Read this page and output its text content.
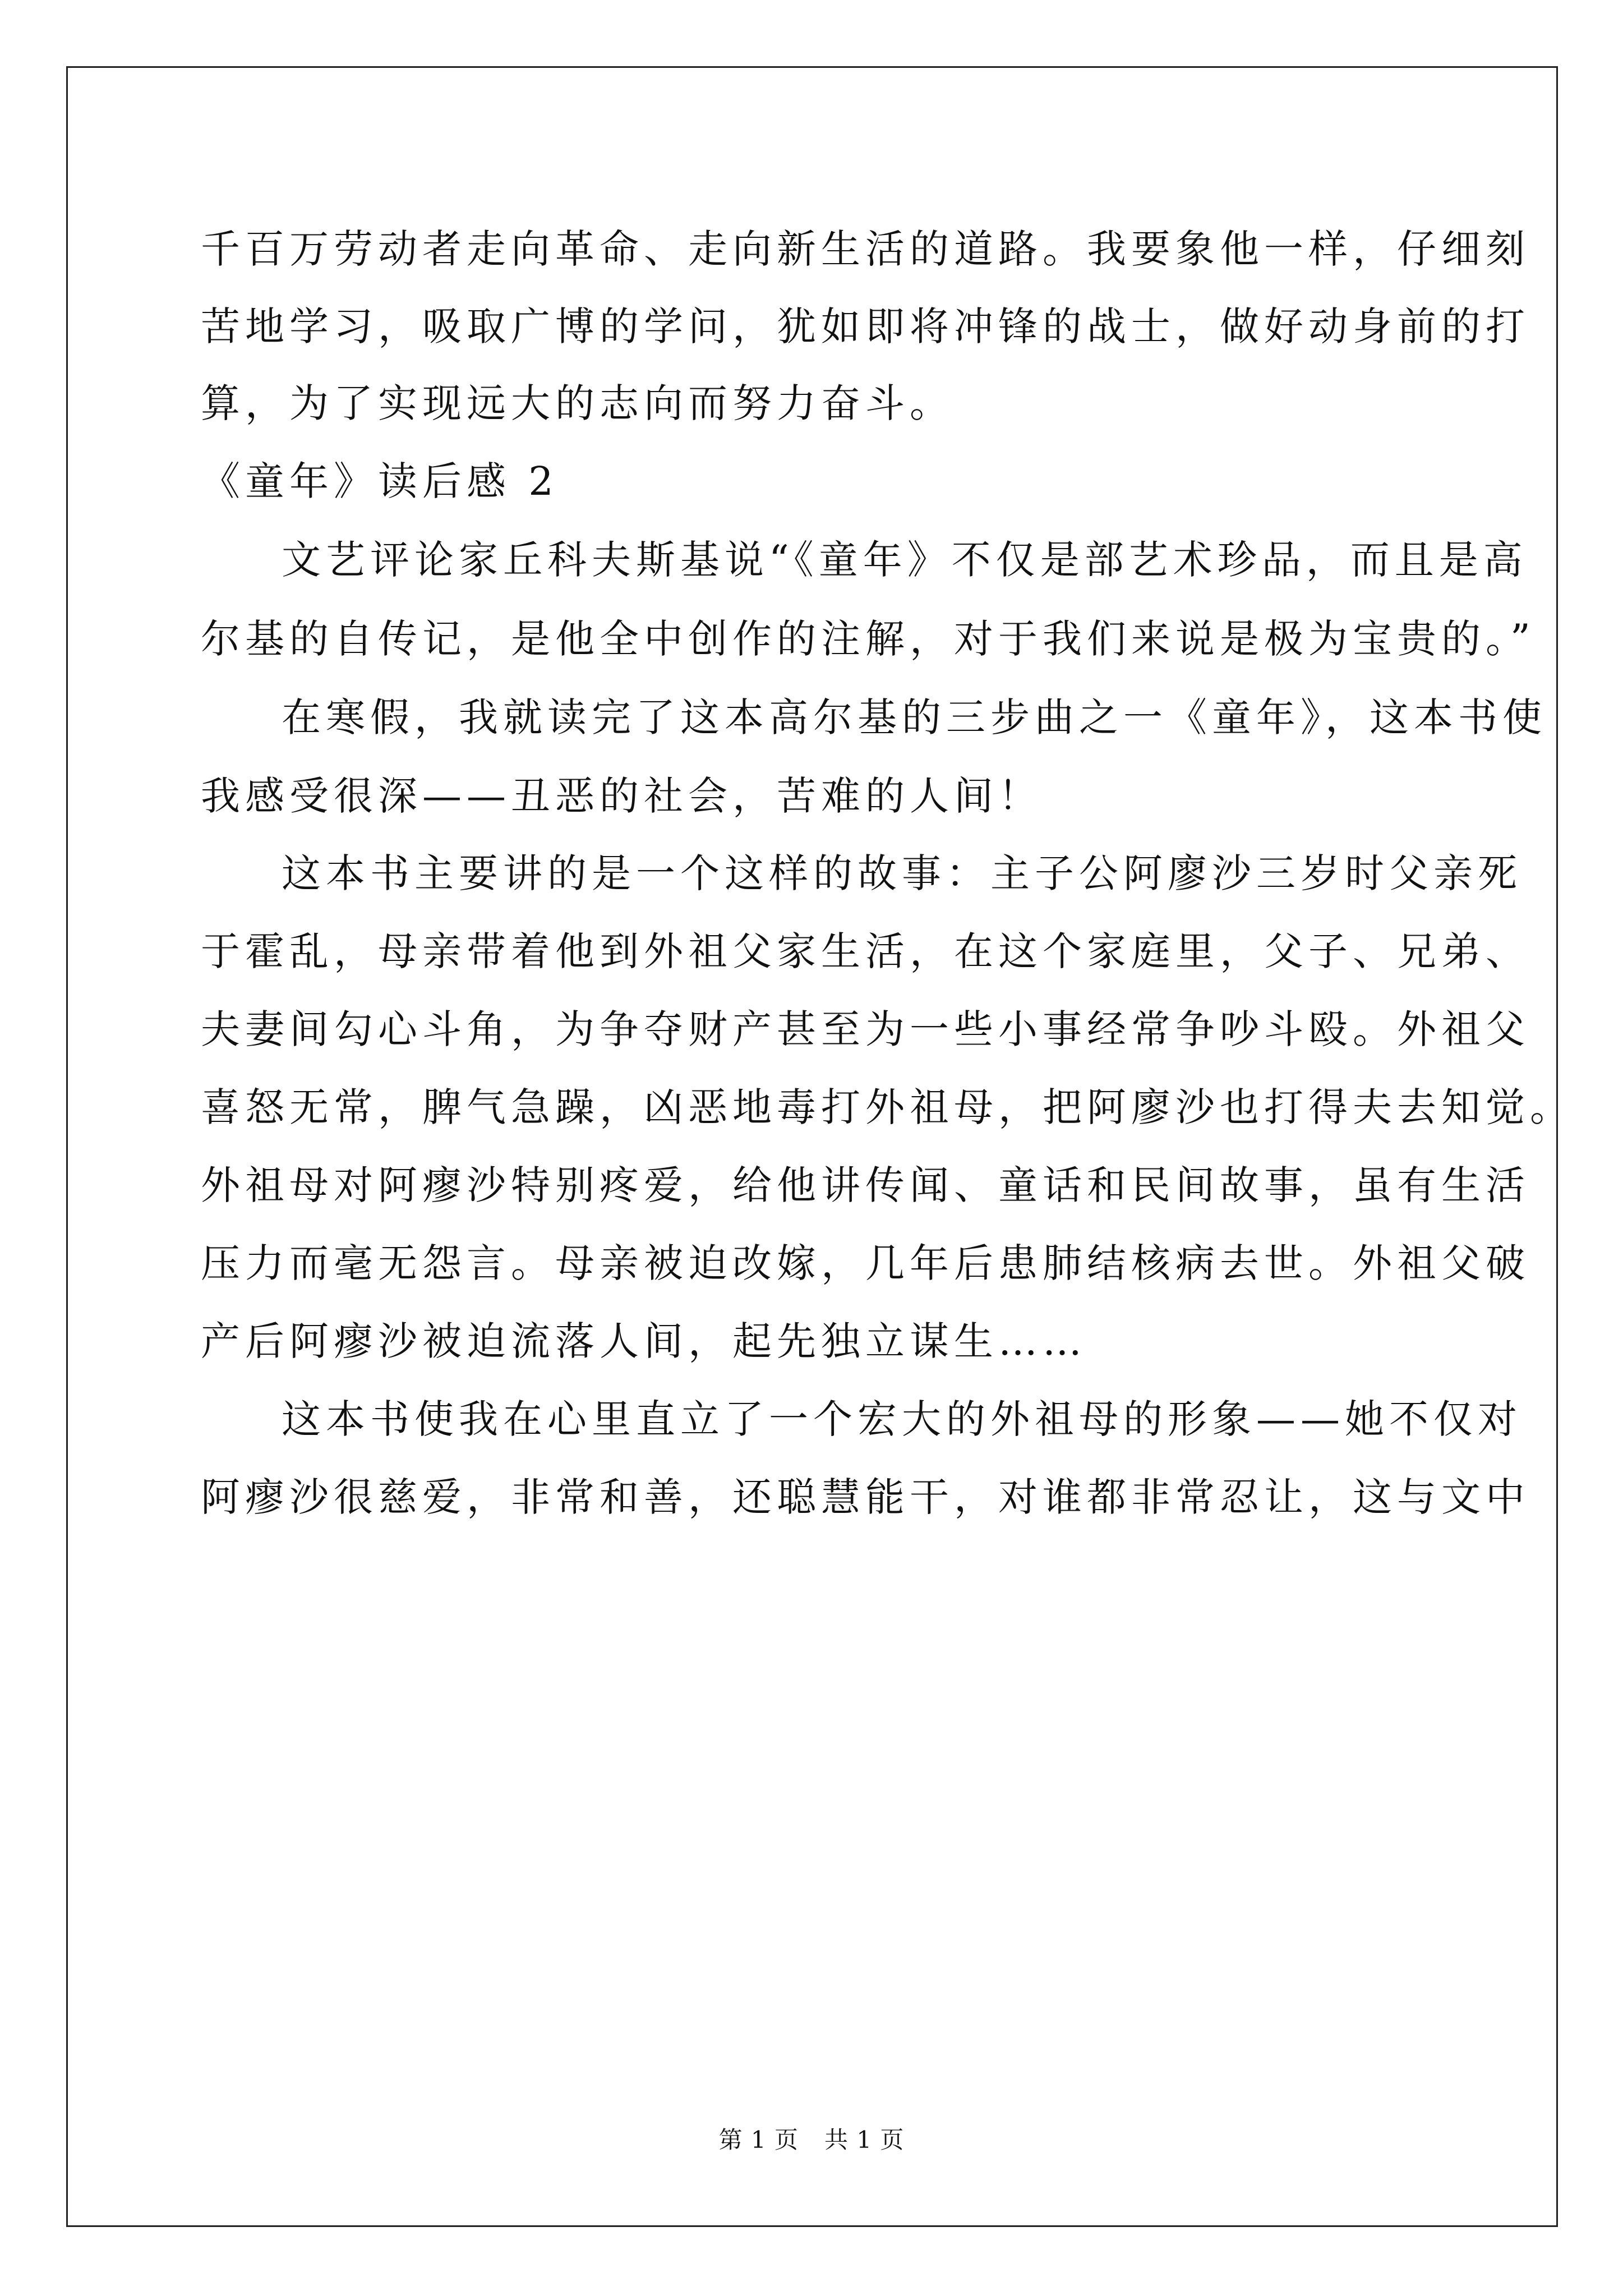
千百万劳动者走向革命、走向新生活的道路。我要象他一样，仔细刻
苦地学习，吸取广博的学问，犹如即将冲锋的战士，做好动身前的打
算，为了实现远大的志向而努力奋斗。
《童年》读后感 2
文艺评论家丘科夫斯基说“《童年》不仅是部艺术珍品，而且是高
尔基的自传记，是他全中创作的注解，对于我们来说是极为宝贵的。”
在寒假，我就读完了这本高尔基的三步曲之一《童年》，这本书使
我感受很深——丑恶的社会，苦难的人间！
这本书主要讲的是一个这样的故事：主子公阿廖沙三岁时父亲死
于霍乱，母亲带着他到外祖父家生活，在这个家庭里，父子、兄弟、
夫妻间勾心斗角，为争夺财产甚至为一些小事经常争吵斗殴。外祖父
喜怒无常，脾气急躁，凶恶地毒打外祖母，把阿廖沙也打得夫去知觉。
外祖母对阿瘳沙特别疼爱，给他讲传闻、童话和民间故事，虽有生活
压力而毫无怨言。母亲被迫改嫁，几年后患肺结核病去世。外祖父破
产后阿瘳沙被迫流落人间，起先独立谋生……
这本书使我在心里直立了一个宏大的外祖母的形象——她不仅对
阿瘳沙很慈爱，非常和善，还聪慧能干，对谁都非常忍让，这与文中
第 1 页 共 1 页
